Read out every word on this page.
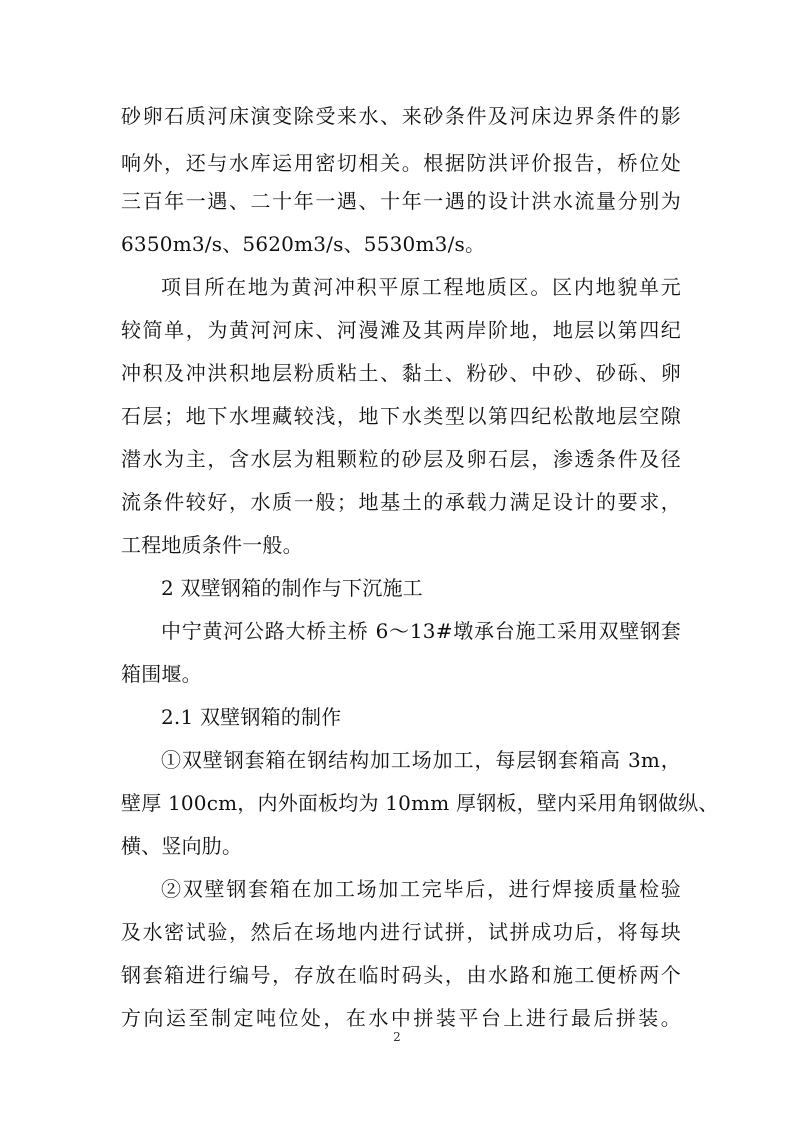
砂卵石质河床演变除受来水、来砂条件及河床边界条件的影
响外，还与水库运用密切相关。根据防洪评价报告，桥位处
三百年一遇、二十年一遇、十年一遇的设计洪水流量分别为
6350m3/s、5620m3/s、5530m3/s。
项目所在地为黄河冲积平原工程地质区。区内地貌单元
较简单，为黄河河床、河漫滩及其两岸阶地，地层以第四纪
冲积及冲洪积地层粉质粘土、黏土、粉砂、中砂、砂砾、卵
石层；地下水埋藏较浅，地下水类型以第四纪松散地层空隙
潜水为主，含水层为粗颗粒的砂层及卵石层，渗透条件及径
流条件较好，水质一般；地基土的承载力满足设计的要求，
工程地质条件一般。
2 双壁钢箱的制作与下沉施工
中宁黄河公路大桥主桥 6～13#墩承台施工采用双壁钢套
箱围堰。
2.1 双壁钢箱的制作
①双壁钢套箱在钢结构加工场加工，每层钢套箱高 3m，
壁厚 100cm，内外面板均为 10mm 厚钢板，壁内采用角钢做纵、
横、竖向肋。
②双壁钢套箱在加工场加工完毕后，进行焊接质量检验
及水密试验，然后在场地内进行试拼，试拼成功后，将每块
钢套箱进行编号，存放在临时码头，由水路和施工便桥两个
方向运至制定吨位处，在水中拼装平台上进行最后拼装。
2
